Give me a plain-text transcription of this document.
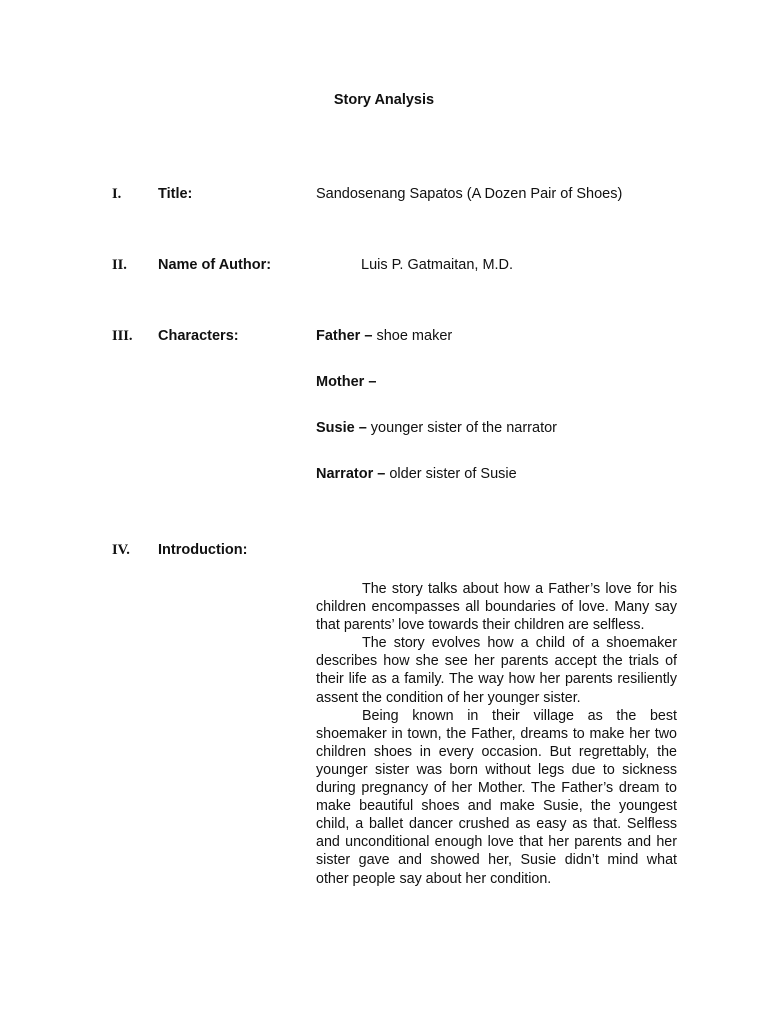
Story Analysis
I.	Title:	Sandosenang Sapatos (A Dozen Pair of Shoes)
II. Name of Author:	Luis P. Gatmaitan, M.D.
III. Characters:	Father – shoe maker
Mother –
Susie – younger sister of the narrator
Narrator – older sister of Susie
IV. Introduction:

The story talks about how a Father’s love for his children encompasses all boundaries of love. Many say that parents’ love towards their children are selfless.

The story evolves how a child of a shoemaker describes how she see her parents accept the trials of their life as a family. The way how her parents resiliently assent the condition of her younger sister.

Being known in their village as the best shoemaker in town, the Father, dreams to make her two children shoes in every occasion. But regrettably, the younger sister was born without legs due to sickness during pregnancy of her Mother. The Father’s dream to make beautiful shoes and make Susie, the youngest child, a ballet dancer crushed as easy as that. Selfless and unconditional enough love that her parents and her sister gave and showed her, Susie didn’t mind what other people say about her condition.
